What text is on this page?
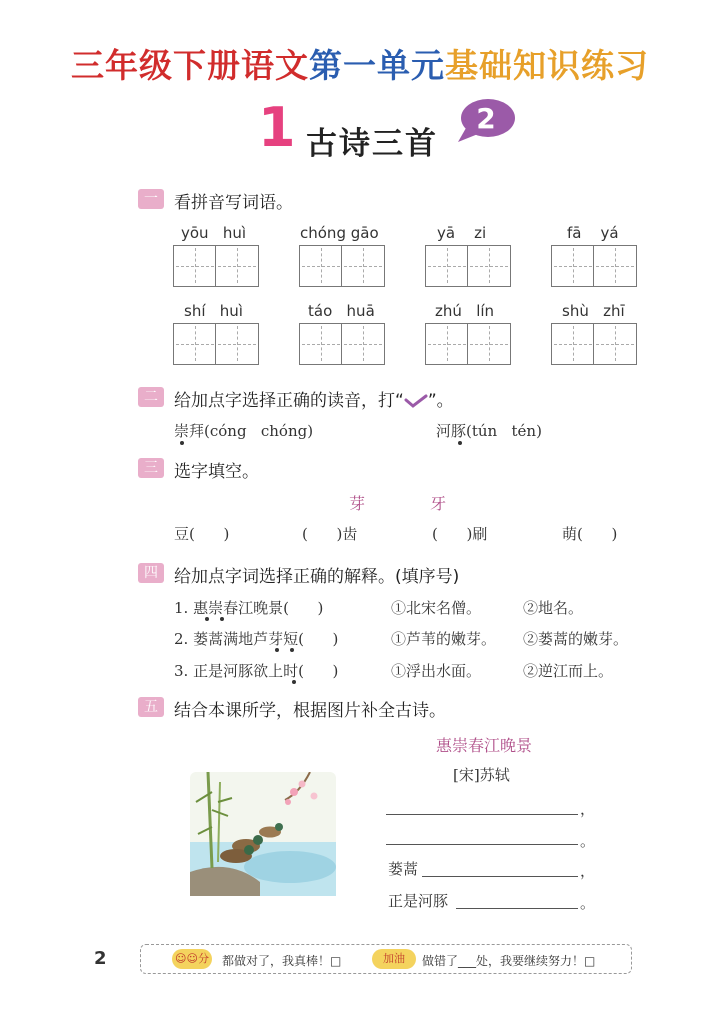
三年级下册语文第一单元基础知识练习
1 古诗三首
2
一 看拼音写词语。
yōu   huì	chóng gāo	yā    zi	fā    yá
shí   huì	táo   huā	zhú   lín	shù   zhī
二 给加点字选择正确的读音，打“ ”。
崇拜(cóng   chóng)	河豚(tún   tén)
三 选字填空。
芽 牙
豆(      )	(      )齿	(      )刷	萌(      )
四 给加点字词选择正确的解释。(填序号)
1. 惠崇春江晚景(      )	①北宋名僧。	②地名。
2. 蒌蒿满地芦芽短(      )	①芦苇的嫩芽。 ②蒌蒿的嫩芽。
3. 正是河豚欲上时(      )	①浮出水面。	②逆江而上。
五 结合本课所学，根据图片补全古诗。
惠崇春江晚景
[宋]苏轼
，
。
蒌蒿	，
正是河豚	。
2	☺☺分 都做对了，我真棒！□	加油	做错了___处，我要继续努力！□
